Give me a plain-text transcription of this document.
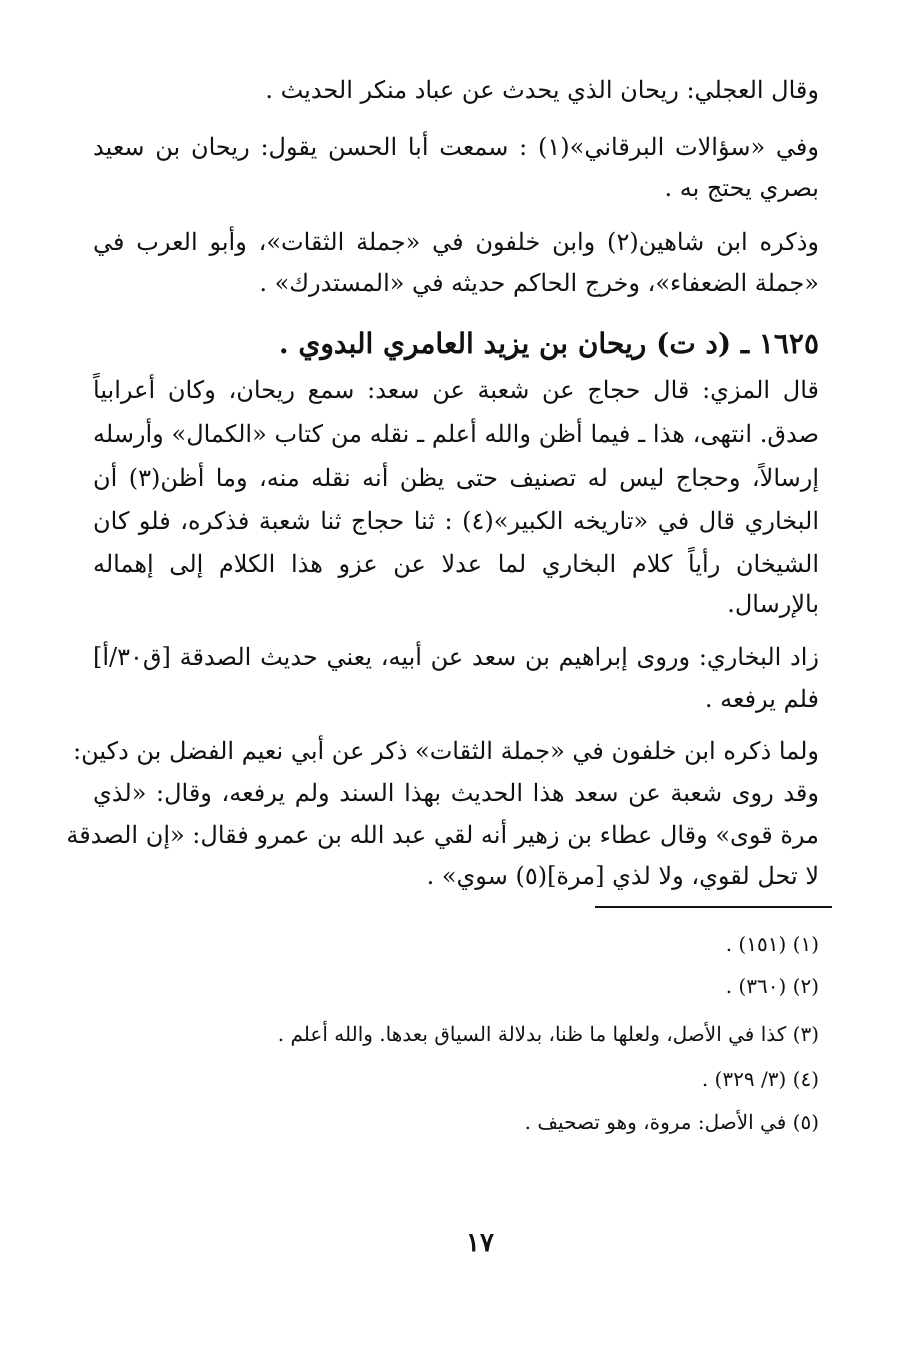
وقال العجلي: ريحان الذي يحدث عن عباد منكر الحديث .
وفي «سؤالات البرقاني»(١) : سمعت أبا الحسن يقول: ريحان بن سعيد
بصري يحتج به .
وذكره ابن شاهين(٢) وابن خلفون في «جملة الثقات»، وأبو العرب في
«جملة الضعفاء»، وخرج الحاكم حديثه في «المستدرك» .
١٦٢٥ ـ (د ت) ريحان بن يزيد العامري البدوي .
قال المزي: قال حجاج عن شعبة عن سعد: سمع ريحان، وكان أعرابياً
صدق. انتهى، هذا ـ فيما أظن والله أعلم ـ نقله من كتاب «الكمال» وأرسله
إرسالاً، وحجاج ليس له تصنيف حتى يظن أنه نقله منه، وما أظن(٣) أن
البخاري قال في «تاريخه الكبير»(٤) : ثنا حجاج ثنا شعبة فذكره، فلو كان
الشيخان رأياً كلام البخاري لما عدلا عن عزو هذا الكلام إلى إهماله
بالإرسال.
زاد البخاري: وروى إبراهيم بن سعد عن أبيه، يعني حديث الصدقة [ق٣٠/أ]
فلم يرفعه .
ولما ذكره ابن خلفون في «جملة الثقات» ذكر عن أبي نعيم الفضل بن دكين:
وقد روى شعبة عن سعد هذا الحديث بهذا السند ولم يرفعه، وقال: «لذي
مرة قوى» وقال عطاء بن زهير أنه لقي عبد الله بن عمرو فقال: «إن الصدقة
لا تحل لقوي، ولا لذي [مرة](٥) سوي» .
(١) (١٥١) .
(٢) (٣٦٠) .
(٣) كذا في الأصل، ولعلها ما ظنا، بدلالة السياق بعدها. والله أعلم .
(٤) (٣/ ٣٢٩) .
(٥) في الأصل: مروة، وهو تصحيف .
١٧
